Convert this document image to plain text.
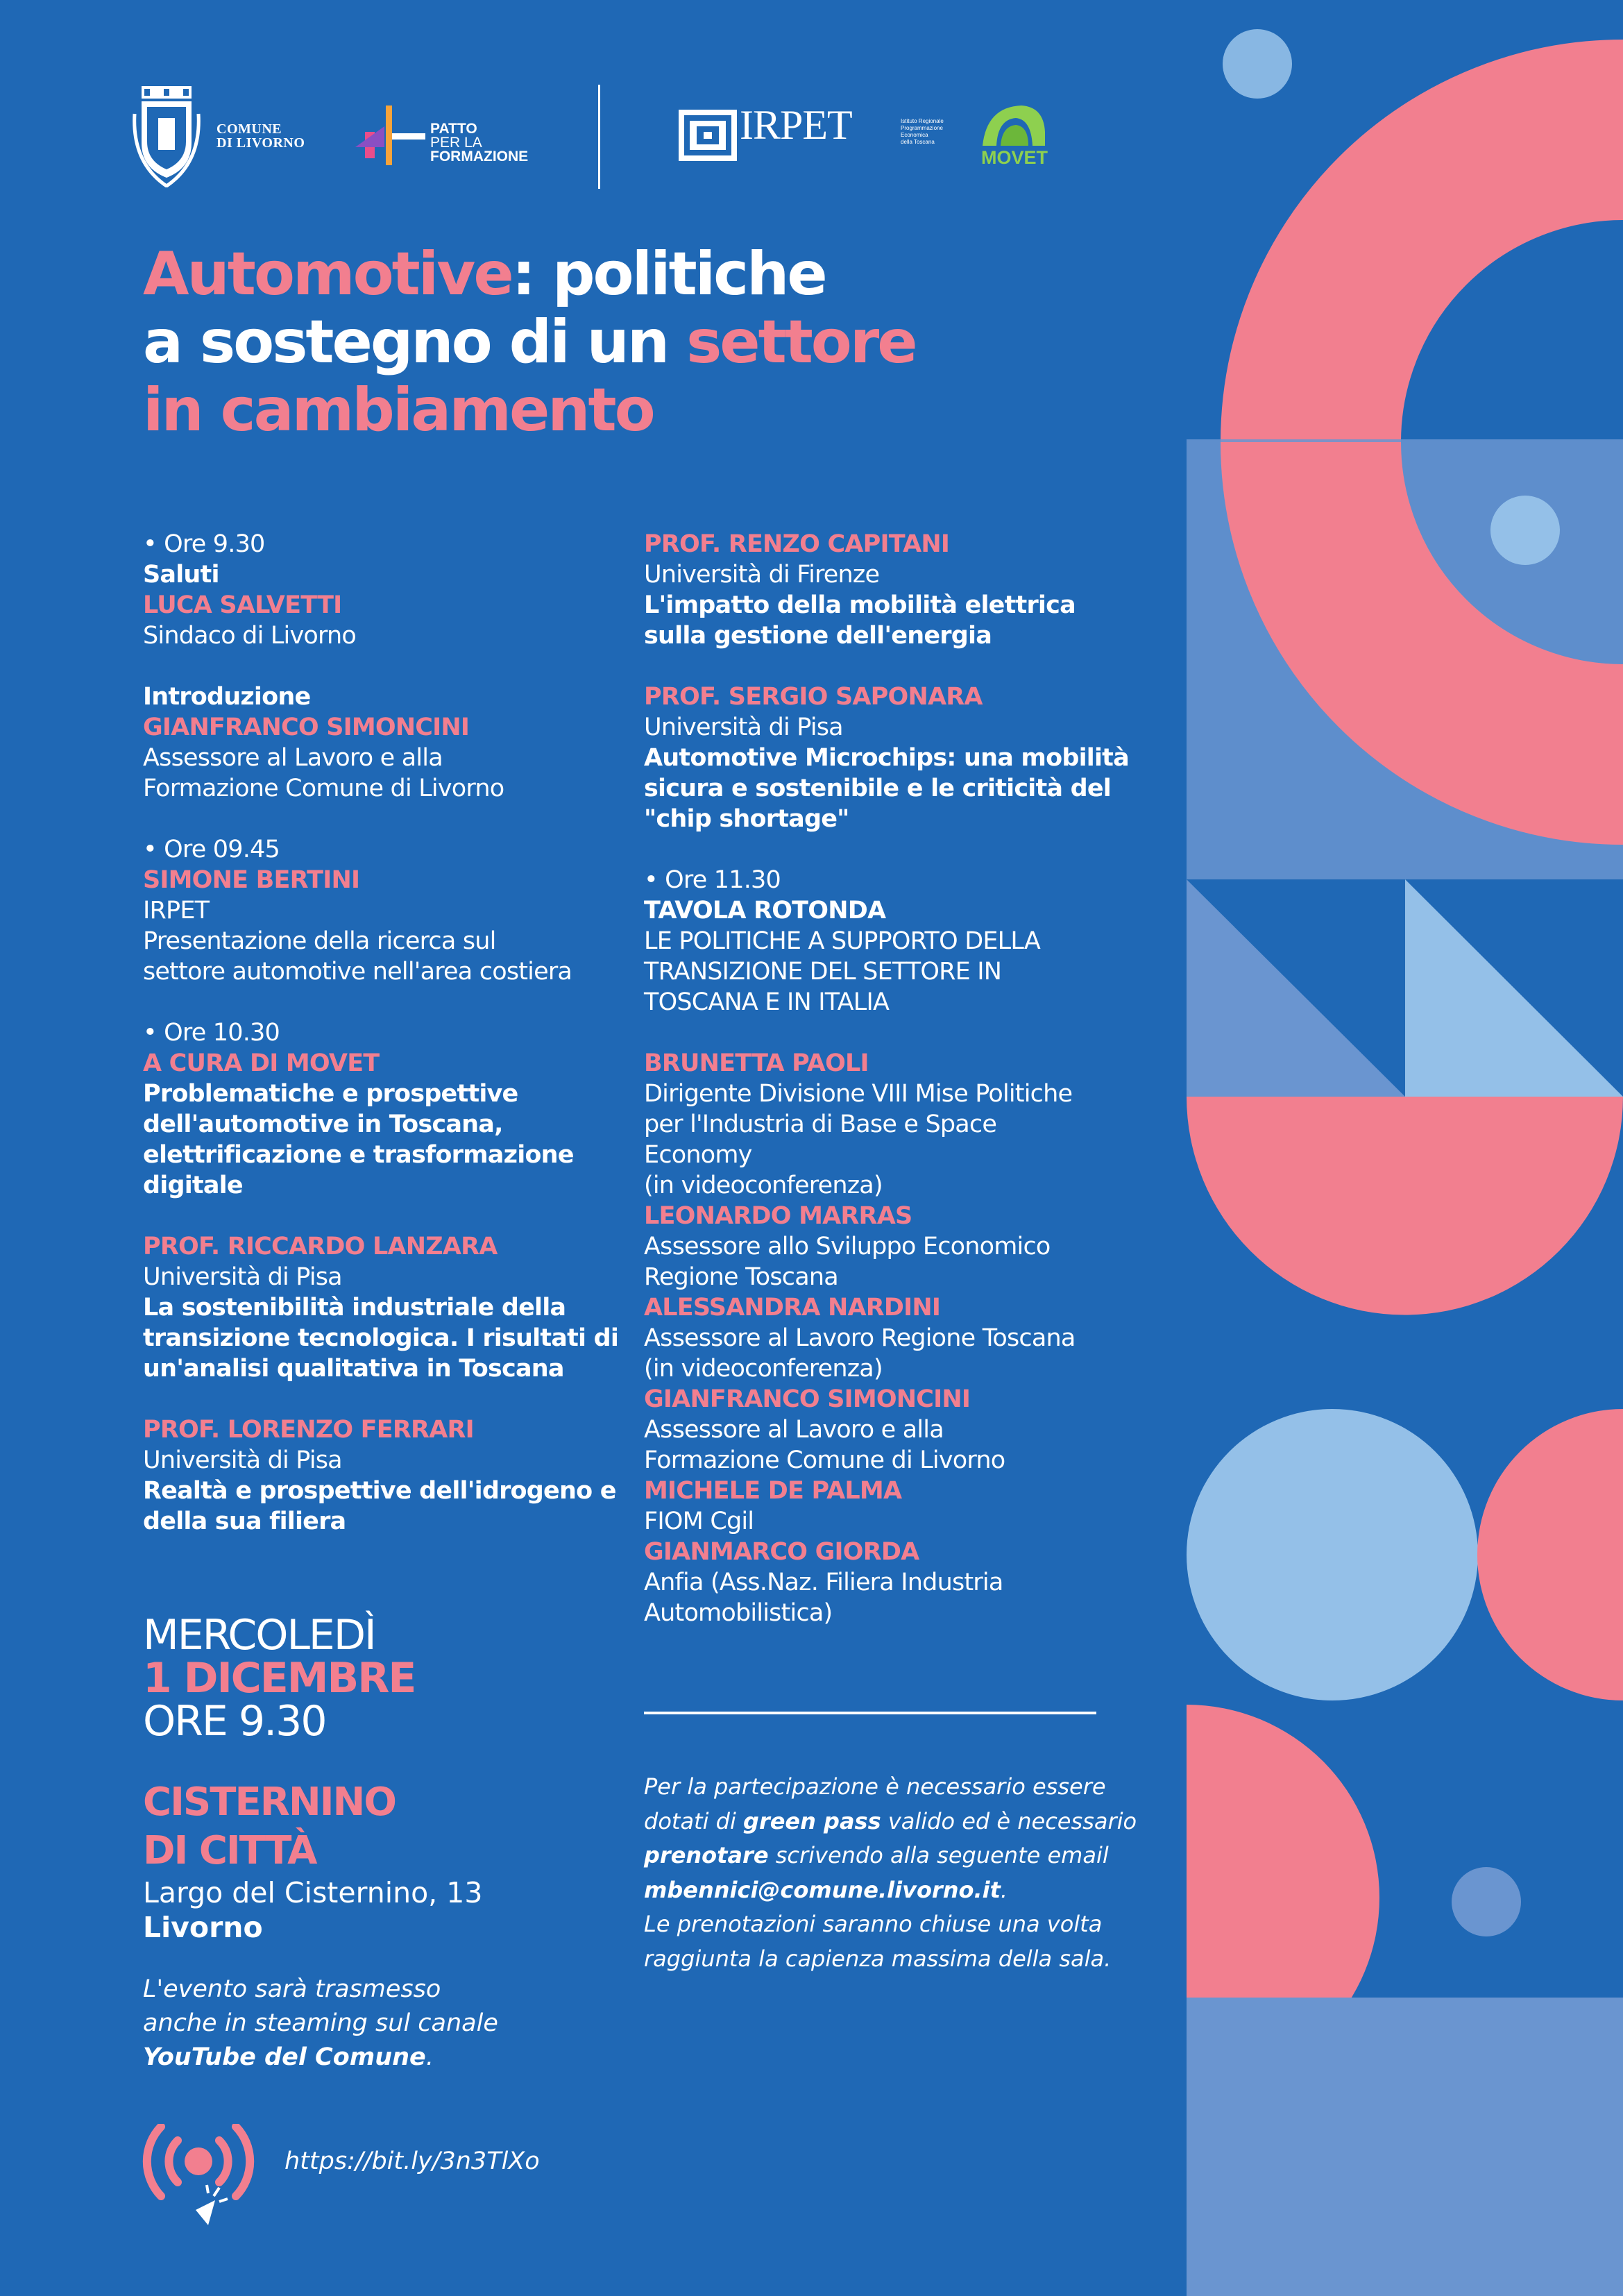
COMUNE
DI LIVORNO
PATTO
PER LA
FORMAZIONE
IRPET	Istituto Regionale
Programmazione
Economica
della Toscana
MOVET
Automotive: politiche
a sostegno di un settore
in cambiamento

• Ore 9.30

Saluti

LUCA SALVETTI

Sindaco di Livorno

Introduzione

GIANFRANCO SIMONCINI

Assessore al Lavoro e alla

Formazione Comune di Livorno

• Ore 09.45

SIMONE BERTINI

IRPET

Presentazione della ricerca sul

settore automotive nell'area costiera

• Ore 10.30

A CURA DI MOVET

Problematiche e prospettive

dell'automotive in Toscana,

elettrificazione e trasformazione

digitale

PROF. RICCARDO LANZARA

Università di Pisa

La sostenibilità industriale della

transizione tecnologica. I risultati di

un'analisi qualitativa in Toscana

PROF. LORENZO FERRARI

Università di Pisa

Realtà e prospettive dell'idrogeno e

della sua filiera

PROF. RENZO CAPITANI

Università di Firenze

L'impatto della mobilità elettrica

sulla gestione dell'energia

PROF. SERGIO SAPONARA

Università di Pisa

Automotive Microchips: una mobilità

sicura e sostenibile e le criticità del

"chip shortage"

• Ore 11.30

TAVOLA ROTONDA

LE POLITICHE A SUPPORTO DELLA

TRANSIZIONE DEL SETTORE IN

TOSCANA E IN ITALIA

BRUNETTA PAOLI

Dirigente Divisione VIII Mise Politiche

per l'Industria di Base e Space

Economy

(in videoconferenza)

LEONARDO MARRAS

Assessore allo Sviluppo Economico

Regione Toscana

ALESSANDRA NARDINI

Assessore al Lavoro Regione Toscana

(in videoconferenza)

GIANFRANCO SIMONCINI

Assessore al Lavoro e alla

Formazione Comune di Livorno

MICHELE DE PALMA

FIOM Cgil

GIANMARCO GIORDA

Anfia (Ass.Naz. Filiera Industria

Automobilistica)

MERCOLEDÌ
1 DICEMBRE
ORE 9.30
CISTERNINO
DI CITTÀ
Largo del Cisternino, 13
Livorno
L'evento sarà trasmesso
anche in steaming sul canale
YouTube del Comune.
https://bit.ly/3n3TlXo
Per la partecipazione è necessario essere
dotati di green pass valido ed è necessario
prenotare scrivendo alla seguente email
mbennici@comune.livorno.it.
Le prenotazioni saranno chiuse una volta
raggiunta la capienza massima della sala.
